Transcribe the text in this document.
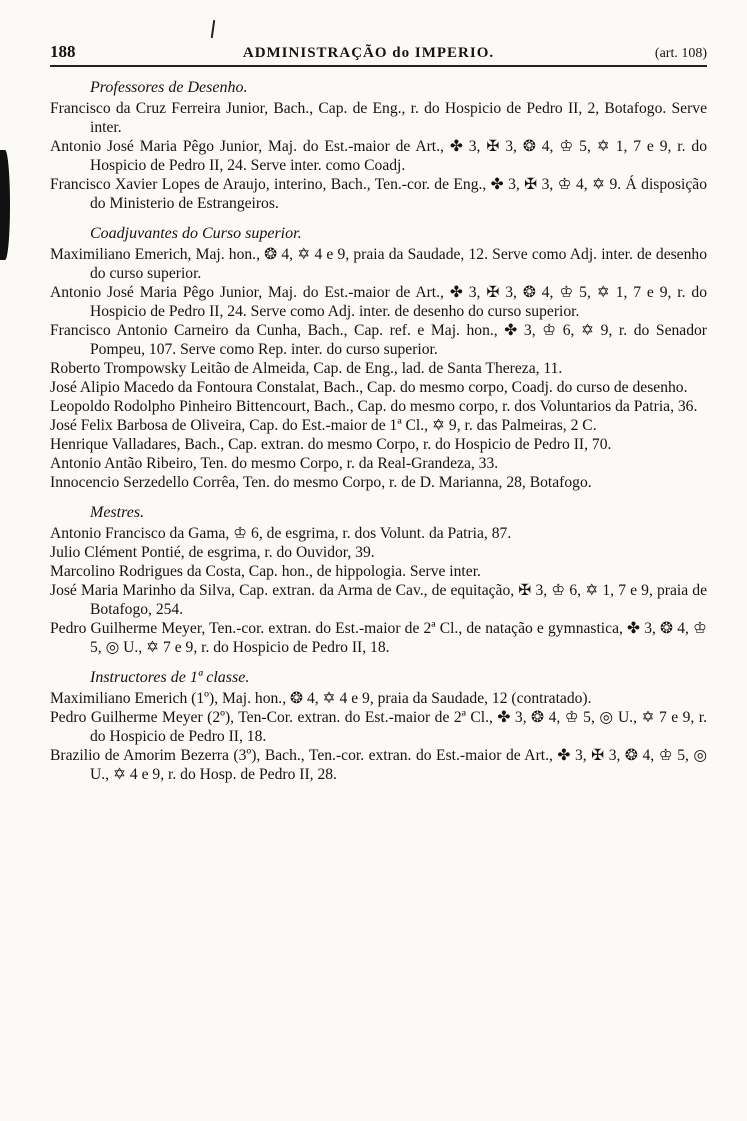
188	ADMINISTRAÇÃO do IMPERIO.	(art. 108)

Professores de Desenho.

Francisco da Cruz Ferreira Junior, Bach., Cap. de Eng., r. do Hospicio de Pedro II, 2, Botafogo. Serve inter.

Antonio José Maria Pêgo Junior, Maj. do Est.-maior de Art., ✤ 3, ✠ 3, ❂ 4, ♔ 5, ✡ 1, 7 e 9, r. do Hospicio de Pedro II, 24. Serve inter. como Coadj.

Francisco Xavier Lopes de Araujo, interino, Bach., Ten.-cor. de Eng., ✤ 3, ✠ 3, ♔ 4, ✡ 9. Á disposição do Ministerio de Estrangeiros.

Coadjuvantes do Curso superior.

Maximiliano Emerich, Maj. hon., ❂ 4, ✡ 4 e 9, praia da Saudade, 12. Serve como Adj. inter. de desenho do curso superior.

Antonio José Maria Pêgo Junior, Maj. do Est.-maior de Art., ✤ 3, ✠ 3, ❂ 4, ♔ 5, ✡ 1, 7 e 9, r. do Hospicio de Pedro II, 24. Serve como Adj. inter. de desenho do curso superior.

Francisco Antonio Carneiro da Cunha, Bach., Cap. ref. e Maj. hon., ✤ 3, ♔ 6, ✡ 9, r. do Senador Pompeu, 107. Serve como Rep. inter. do curso superior.

Roberto Trompowsky Leitão de Almeida, Cap. de Eng., lad. de Santa Thereza, 11.

José Alipio Macedo da Fontoura Constalat, Bach., Cap. do mesmo corpo, Coadj. do curso de desenho.

Leopoldo Rodolpho Pinheiro Bittencourt, Bach., Cap. do mesmo corpo, r. dos Voluntarios da Patria, 36.

José Felix Barbosa de Oliveira, Cap. do Est.-maior de 1ª Cl., ✡ 9, r. das Palmeiras, 2 C.

Henrique Valladares, Bach., Cap. extran. do mesmo Corpo, r. do Hospicio de Pedro II, 70.

Antonio Antão Ribeiro, Ten. do mesmo Corpo, r. da Real-Grandeza, 33.

Innocencio Serzedello Corrêa, Ten. do mesmo Corpo, r. de D. Marianna, 28, Botafogo.

Mestres.

Antonio Francisco da Gama, ♔ 6, de esgrima, r. dos Volunt. da Patria, 87.

Julio Clément Pontié, de esgrima, r. do Ouvidor, 39.

Marcolino Rodrigues da Costa, Cap. hon., de hippologia. Serve inter.

José Maria Marinho da Silva, Cap. extran. da Arma de Cav., de equitação, ✠ 3, ♔ 6, ✡ 1, 7 e 9, praia de Botafogo, 254.

Pedro Guilherme Meyer, Ten.-cor. extran. do Est.-maior de 2ª Cl., de natação e gymnastica, ✤ 3, ❂ 4, ♔ 5, ◎ U., ✡ 7 e 9, r. do Hospicio de Pedro II, 18.

Instructores de 1ª classe.

Maximiliano Emerich (1º), Maj. hon., ❂ 4, ✡ 4 e 9, praia da Saudade, 12 (contratado).

Pedro Guilherme Meyer (2º), Ten-Cor. extran. do Est.-maior de 2ª Cl., ✤ 3, ❂ 4, ♔ 5, ◎ U., ✡ 7 e 9, r. do Hospicio de Pedro II, 18.

Brazilio de Amorim Bezerra (3º), Bach., Ten.-cor. extran. do Est.-maior de Art., ✤ 3, ✠ 3, ❂ 4, ♔ 5, ◎ U., ✡ 4 e 9, r. do Hosp. de Pedro II, 28.
